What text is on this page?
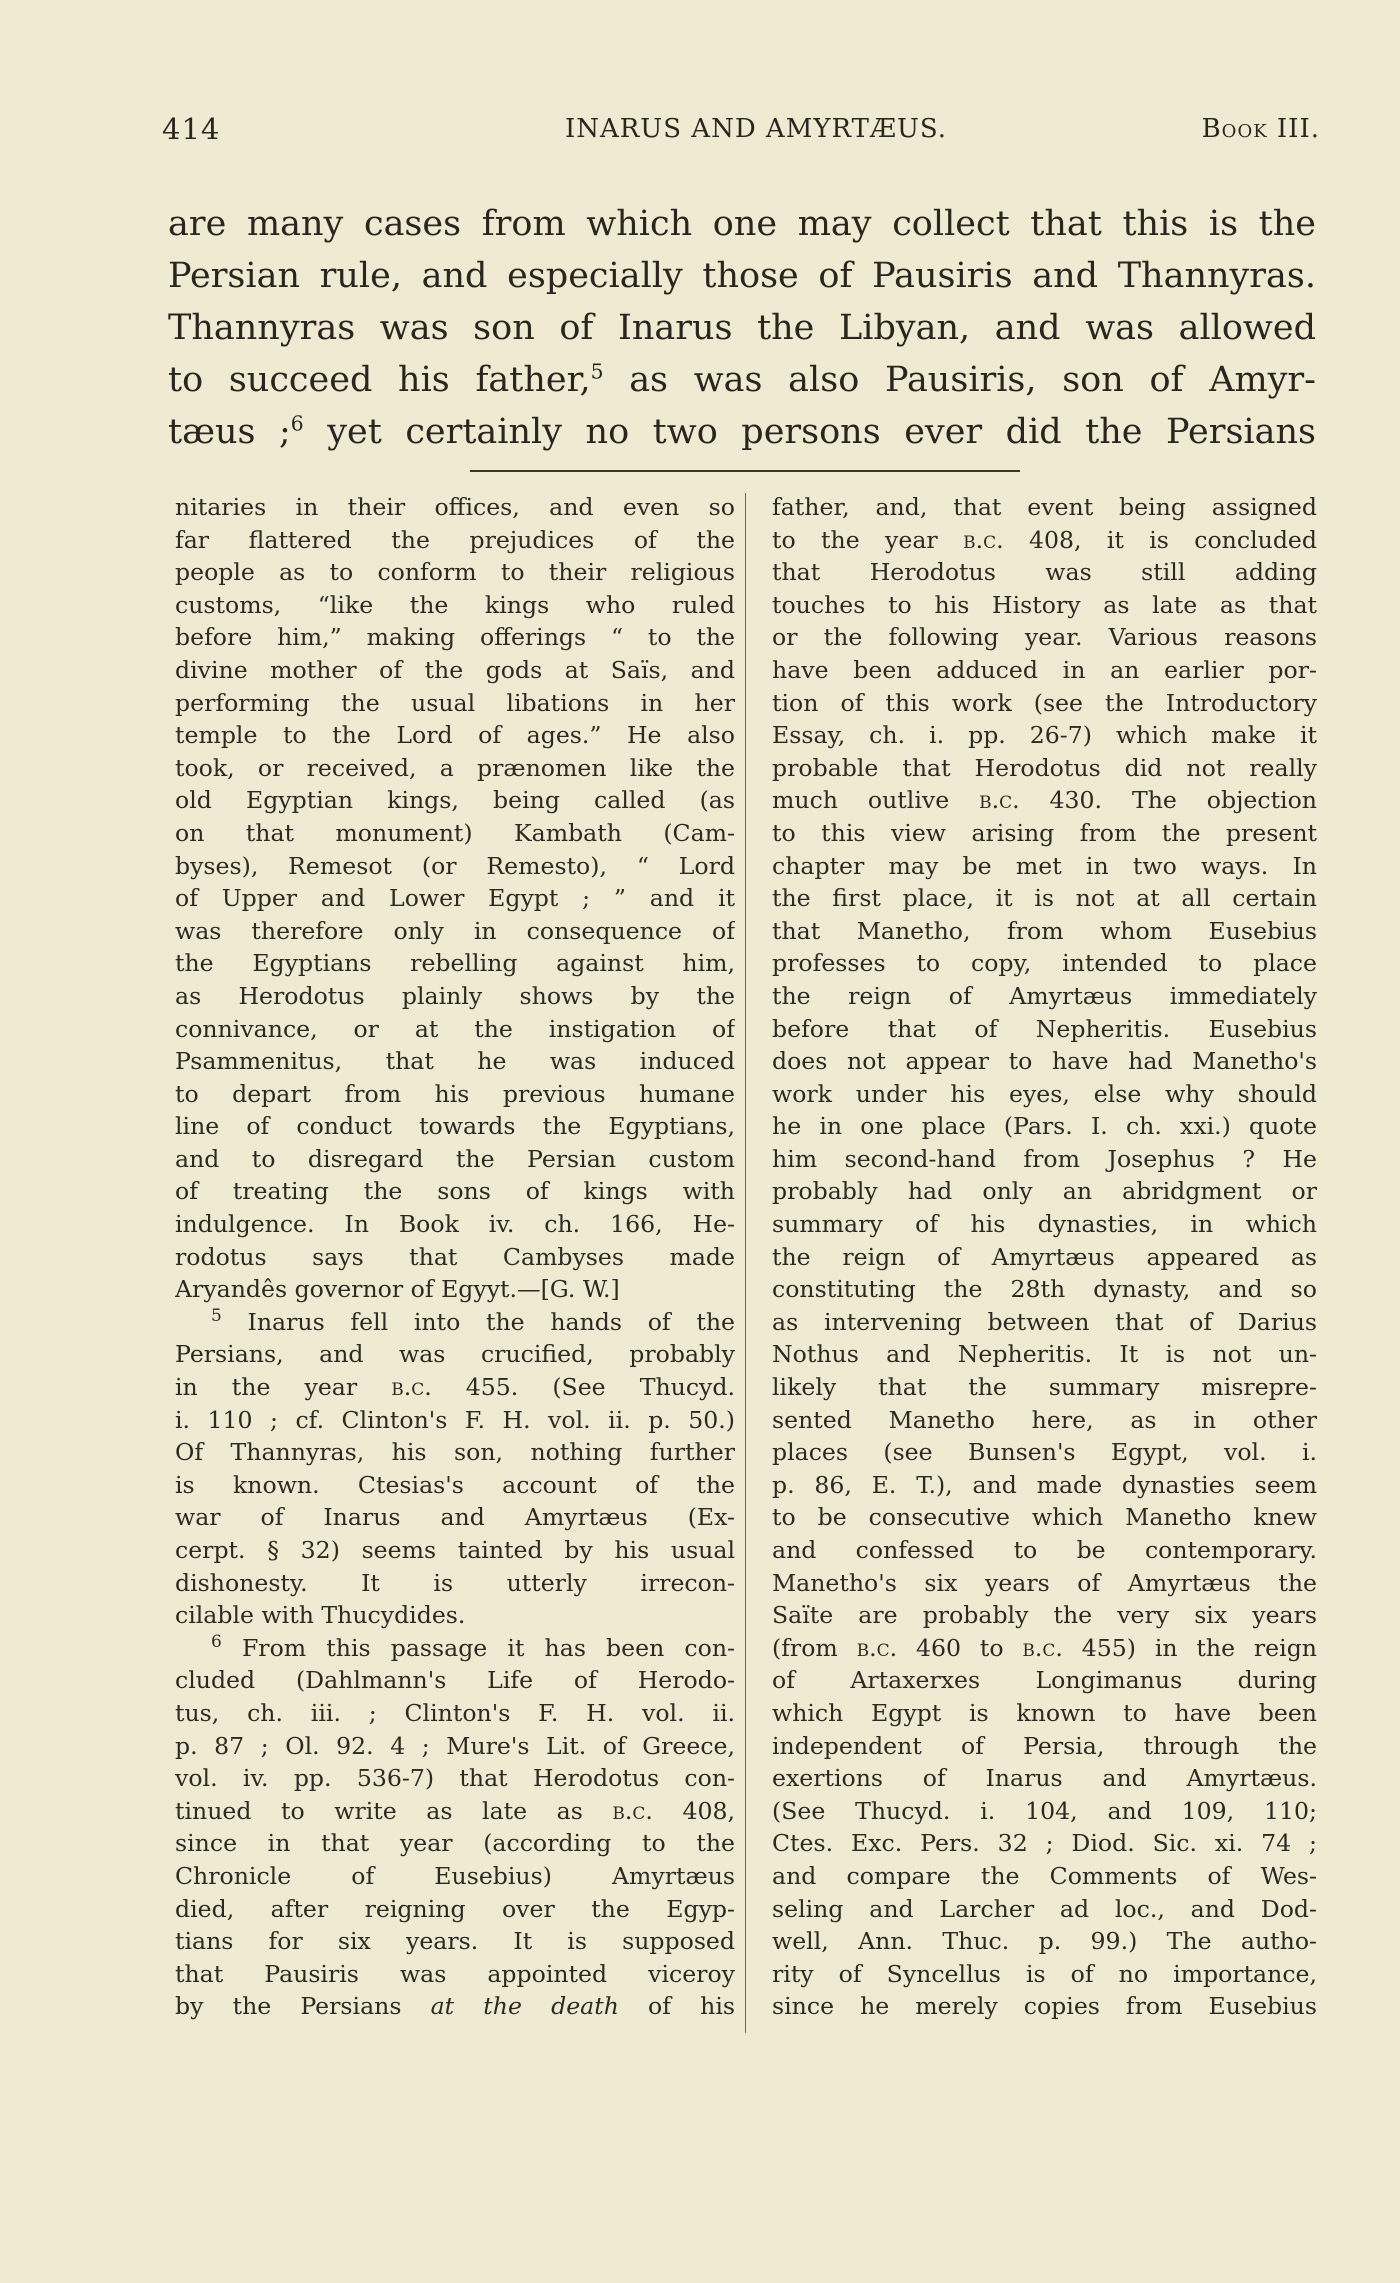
414	INARUS AND AMYRTÆUS.	Book III.
are many cases from which one may collect that this is the
Persian rule, and especially those of Pausiris and Thannyras.
Thannyras was son of Inarus the Libyan, and was allowed
to succeed his father,$^5$ as was also Pausiris, son of Amyr-
tæus ;$^6$ yet certainly no two persons ever did the Persians
nitaries in their offices, and even so
far flattered the prejudices of the
people as to conform to their religious
customs, “like the kings who ruled
before him,” making offerings “ to the
divine mother of the gods at Saïs, and
performing the usual libations in her
temple to the Lord of ages.” He also
took, or received, a prænomen like the
old Egyptian kings, being called (as
on that monument) Kambath (Cam-
byses), Remesot (or Remesto), “ Lord
of Upper and Lower Egypt ; ” and it
was therefore only in consequence of
the Egyptians rebelling against him,
as Herodotus plainly shows by the
connivance, or at the instigation of
Psammenitus, that he was induced
to depart from his previous humane
line of conduct towards the Egyptians,
and to disregard the Persian custom
of treating the sons of kings with
indulgence. In Book iv. ch. 166, He-
rodotus says that Cambyses made
Aryandês governor of Egyyt.—[G. W.]
$^5$ Inarus fell into the hands of the
Persians, and was crucified, probably
in the year b.c. 455. (See Thucyd.
i. 110 ; cf. Clinton's F. H. vol. ii. p. 50.)
Of Thannyras, his son, nothing further
is known. Ctesias's account of the
war of Inarus and Amyrtæus (Ex-
cerpt. § 32) seems tainted by his usual
dishonesty. It is utterly irrecon-
cilable with Thucydides.
$^6$ From this passage it has been con-
cluded (Dahlmann's Life of Herodo-
tus, ch. iii. ; Clinton's F. H. vol. ii.
p. 87 ; Ol. 92. 4 ; Mure's Lit. of Greece,
vol. iv. pp. 536-7) that Herodotus con-
tinued to write as late as b.c. 408,
since in that year (according to the
Chronicle of Eusebius) Amyrtæus
died, after reigning over the Egyp-
tians for six years. It is supposed
that Pausiris was appointed viceroy
by the Persians at the death of his
father, and, that event being assigned
to the year b.c. 408, it is concluded
that Herodotus was still adding
touches to his History as late as that
or the following year. Various reasons
have been adduced in an earlier por-
tion of this work (see the Introductory
Essay, ch. i. pp. 26-7) which make it
probable that Herodotus did not really
much outlive b.c. 430. The objection
to this view arising from the present
chapter may be met in two ways. In
the first place, it is not at all certain
that Manetho, from whom Eusebius
professes to copy, intended to place
the reign of Amyrtæus immediately
before that of Nepheritis. Eusebius
does not appear to have had Manetho's
work under his eyes, else why should
he in one place (Pars. I. ch. xxi.) quote
him second-hand from Josephus ? He
probably had only an abridgment or
summary of his dynasties, in which
the reign of Amyrtæus appeared as
constituting the 28th dynasty, and so
as intervening between that of Darius
Nothus and Nepheritis. It is not un-
likely that the summary misrepre-
sented Manetho here, as in other
places (see Bunsen's Egypt, vol. i.
p. 86, E. T.), and made dynasties seem
to be consecutive which Manetho knew
and confessed to be contemporary.
Manetho's six years of Amyrtæus the
Saïte are probably the very six years
(from b.c. 460 to b.c. 455) in the reign
of Artaxerxes Longimanus during
which Egypt is known to have been
independent of Persia, through the
exertions of Inarus and Amyrtæus.
(See Thucyd. i. 104, and 109, 110;
Ctes. Exc. Pers. 32 ; Diod. Sic. xi. 74 ;
and compare the Comments of Wes-
seling and Larcher ad loc., and Dod-
well, Ann. Thuc. p. 99.) The autho-
rity of Syncellus is of no importance,
since he merely copies from Eusebius
